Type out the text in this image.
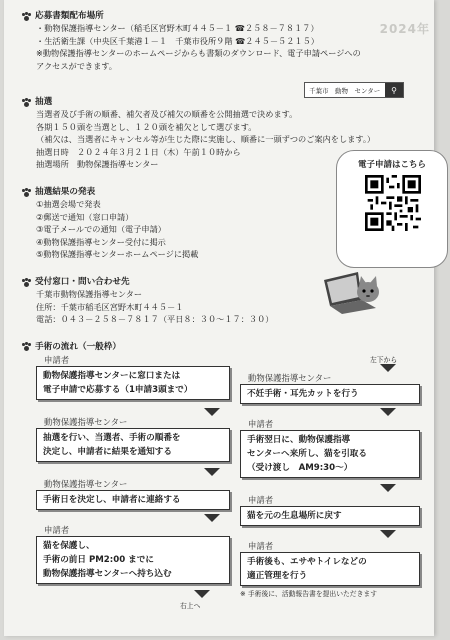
2024年
応募書類配布場所
・動物保護指導センター（稲毛区宮野木町４４５－１ ☎２５８－７８１７）
・生活衛生課（中央区千葉港１－１　千葉市役所９階 ☎２４５－５２１５）
※動物保護指導センターのホームページからも書類のダウンロード、電子申請ページへの
アクセスができます。
千葉市　動物　センター	⚲
抽選
当選者及び手術の順番、補欠者及び補欠の順番を公開抽選で決めます。
各期１５０頭を当選とし、１２０頭を補欠として選びます。
（補欠は、当選者にキャンセル等が生じた際に実施し、順番に一頭ずつのご案内をします。）
抽選日時　２０２４年３月２１日（木）午前１０時から
抽選場所　動物保護指導センター	電子申請はこちら
抽選結果の発表
①抽選会場で発表
②郵送で通知（窓口申請）
③電子メールでの通知（電子申請）
④動物保護指導センター受付に掲示
⑤動物保護指導センターホームページに掲載
受付窓口・問い合わせ先
千葉市動物保護指導センター
住所：千葉市稲毛区宮野木町４４５－１
電話：０４３－２５８－７８１７（平日８：３０～１７：３０）
手術の流れ（一般枠）
申請者
動物保護指導センターに窓口または
電子申請で応募する（1申請3頭まで）
動物保護指導センター
抽選を行い、当選者、手術の順番を
決定し、申請者に結果を通知する
動物保護指導センター
手術日を決定し、申請者に連絡する
申請者
猫を保護し、
手術の前日 PM2:00 までに
動物保護指導センターへ持ち込む
右上へ
左下から
動物保護指導センター
不妊手術・耳先カットを行う
申請者
手術翌日に、動物保護指導
センターへ来所し、猫を引取る
（受け渡し　AM9:30～）
申請者
猫を元の生息場所に戻す
申請者
手術後も、エサやトイレなどの
適正管理を行う
※ 手術後に、活動報告書を提出いただきます
